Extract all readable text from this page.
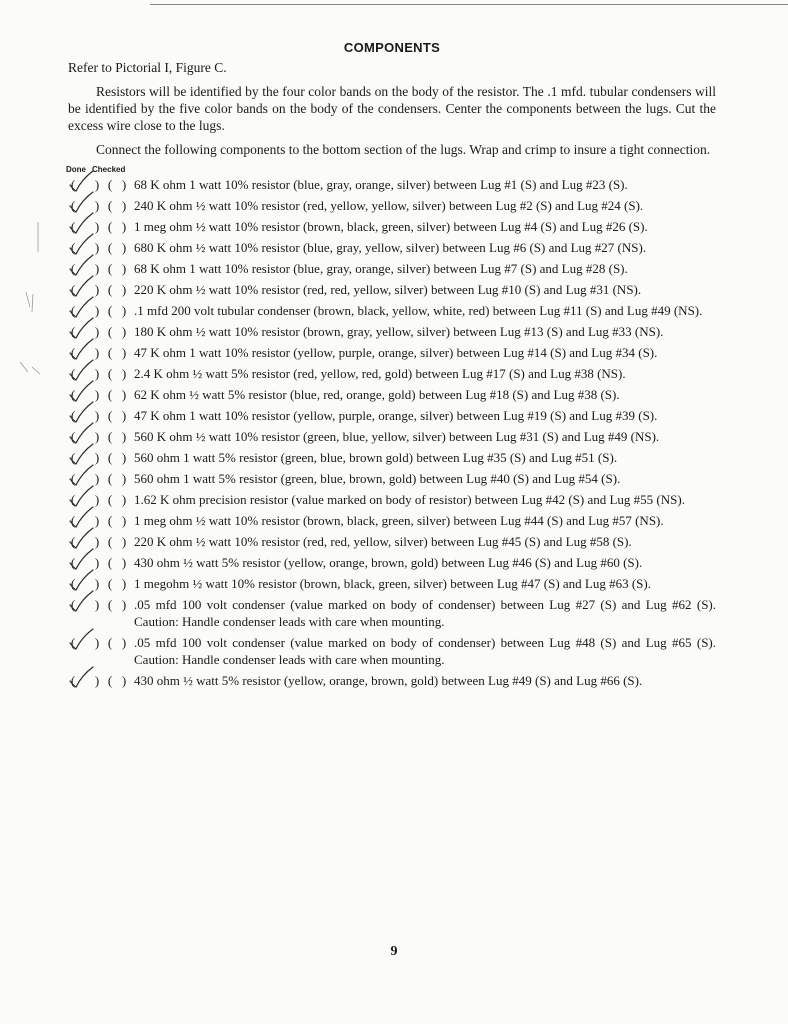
COMPONENTS

Refer to Pictorial I, Figure C.

Resistors will be identified by the four color bands on the body of the resistor. The .1 mfd. tubular condensers will be identified by the five color bands on the body of the condensers. Center the components between the lugs. Cut the excess wire close to the lugs.

Connect the following components to the bottom section of the lugs. Wrap and crimp to insure a tight connection.

Done Checked
( ) ( ) 68 K ohm 1 watt 10% resistor (blue, gray, orange, silver) between Lug #1 (S) and Lug #23 (S).
( ) ( ) 240 K ohm ½ watt 10% resistor (red, yellow, yellow, silver) between Lug #2 (S) and Lug #24 (S).
( ) ( ) 1 meg ohm ½ watt 10% resistor (brown, black, green, silver) between Lug #4 (S) and Lug #26 (S).
( ) ( ) 680 K ohm ½ watt 10% resistor (blue, gray, yellow, silver) between Lug #6 (S) and Lug #27 (NS).
( ) ( ) 68 K ohm 1 watt 10% resistor (blue, gray, orange, silver) between Lug #7 (S) and Lug #28 (S).
( ) ( ) 220 K ohm ½ watt 10% resistor (red, red, yellow, silver) between Lug #10 (S) and Lug #31 (NS).
( ) ( ) .1 mfd 200 volt tubular condenser (brown, black, yellow, white, red) between Lug #11 (S) and Lug #49 (NS).
( ) ( ) 180 K ohm ½ watt 10% resistor (brown, gray, yellow, silver) between Lug #13 (S) and Lug #33 (NS).
( ) ( ) 47 K ohm 1 watt 10% resistor (yellow, purple, orange, silver) between Lug #14 (S) and Lug #34 (S).
( ) ( ) 2.4 K ohm ½ watt 5% resistor (red, yellow, red, gold) between Lug #17 (S) and Lug #38 (NS).
( ) ( ) 62 K ohm ½ watt 5% resistor (blue, red, orange, gold) between Lug #18 (S) and Lug #38 (S).
( ) ( ) 47 K ohm 1 watt 10% resistor (yellow, purple, orange, silver) between Lug #19 (S) and Lug #39 (S).
( ) ( ) 560 K ohm ½ watt 10% resistor (green, blue, yellow, silver) between Lug #31 (S) and Lug #49 (NS).
( ) ( ) 560 ohm 1 watt 5% resistor (green, blue, brown gold) between Lug #35 (S) and Lug #51 (S).
( ) ( ) 560 ohm 1 watt 5% resistor (green, blue, brown, gold) between Lug #40 (S) and Lug #54 (S).
( ) ( ) 1.62 K ohm precision resistor (value marked on body of resistor) between Lug #42 (S) and Lug #55 (NS).
( ) ( ) 1 meg ohm ½ watt 10% resistor (brown, black, green, silver) between Lug #44 (S) and Lug #57 (NS).
( ) ( ) 220 K ohm ½ watt 10% resistor (red, red, yellow, silver) between Lug #45 (S) and Lug #58 (S).
( ) ( ) 430 ohm ½ watt 5% resistor (yellow, orange, brown, gold) between Lug #46 (S) and Lug #60 (S).
( ) ( ) 1 megohm ½ watt 10% resistor (brown, black, green, silver) between Lug #47 (S) and Lug #63 (S).
( ) ( ) .05 mfd 100 volt condenser (value marked on body of condenser) between Lug #27 (S) and Lug #62 (S). Caution: Handle condenser leads with care when mounting.
( ) ( ) .05 mfd 100 volt condenser (value marked on body of condenser) between Lug #48 (S) and Lug #65 (S). Caution: Handle condenser leads with care when mounting.
( ) ( ) 430 ohm ½ watt 5% resistor (yellow, orange, brown, gold) between Lug #49 (S) and Lug #66 (S).
9
